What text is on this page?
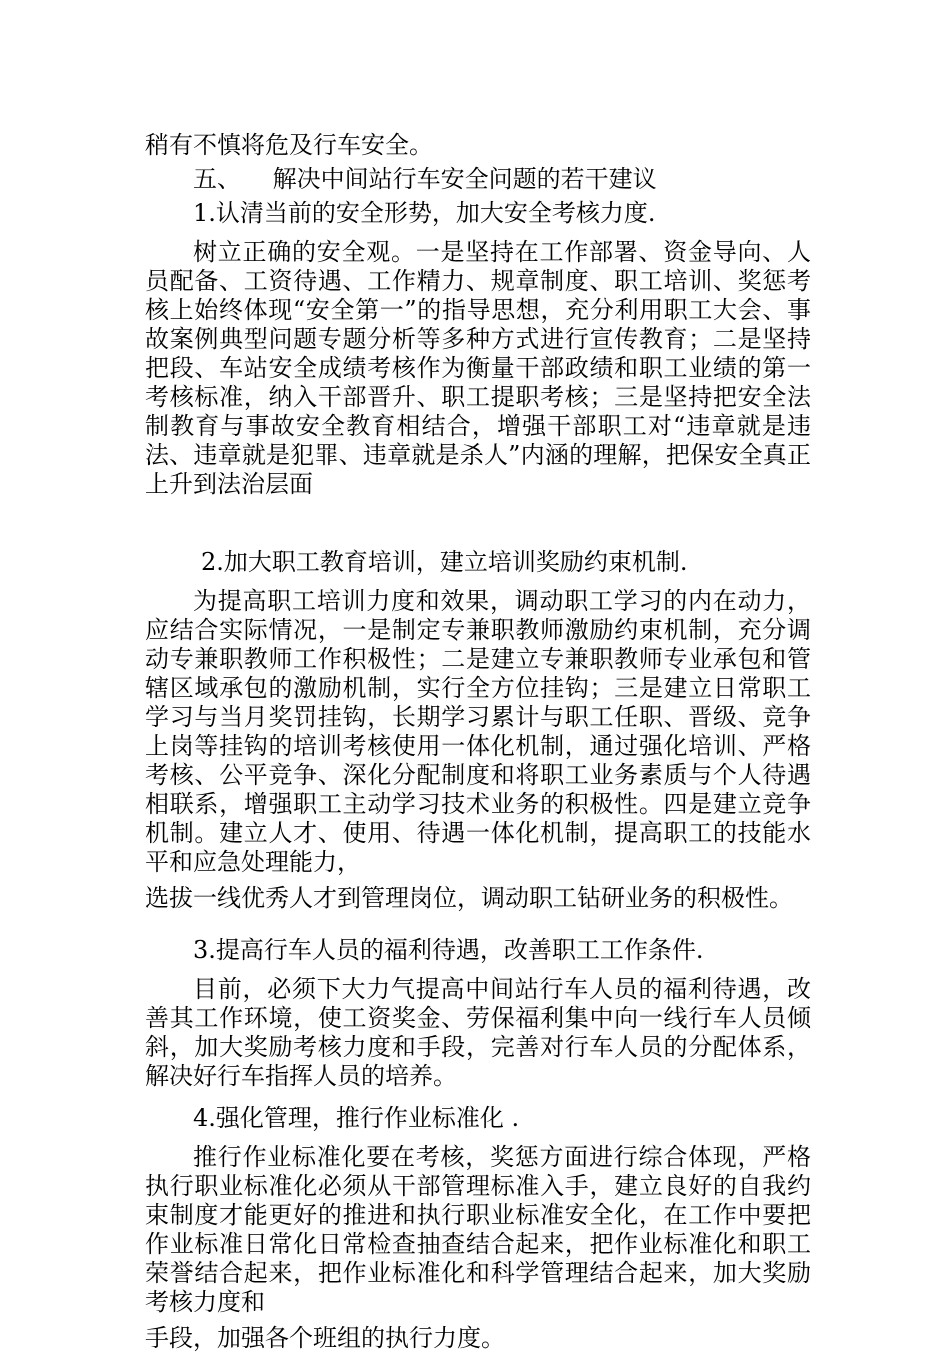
稍有不慎将危及行车安全。
五、  解决中间站行车安全问题的若干建议
1.认清当前的安全形势，加大安全考核力度.
树立正确的安全观。一是坚持在工作部署、资金导向、人员配备、工资待遇、工作精力、规章制度、职工培训、奖惩考核上始终体现“安全第一”的指导思想，充分利用职工大会、事故案例典型问题专题分析等多种方式进行宣传教育；二是坚持把段、车站安全成绩考核作为衡量干部政绩和职工业绩的第一考核标准，纳入干部晋升、职工提职考核；三是坚持把安全法制教育与事故安全教育相结合，增强干部职工对“违章就是违法、违章就是犯罪、违章就是杀人”内涵的理解，把保安全真正上升到法治层面
2.加大职工教育培训，建立培训奖励约束机制.
为提高职工培训力度和效果，调动职工学习的内在动力，应结合实际情况，一是制定专兼职教师激励约束机制，充分调动专兼职教师工作积极性；二是建立专兼职教师专业承包和管辖区域承包的激励机制，实行全方位挂钩；三是建立日常职工学习与当月奖罚挂钩，长期学习累计与职工任职、晋级、竞争上岗等挂钩的培训考核使用一体化机制，通过强化培训、严格考核、公平竞争、深化分配制度和将职工业务素质与个人待遇相联系，增强职工主动学习技术业务的积极性。四是建立竞争机制。建立人才、使用、待遇一体化机制，提高职工的技能水平和应急处理能力，
选拔一线优秀人才到管理岗位，调动职工钻研业务的积极性。
3.提高行车人员的福利待遇，改善职工工作条件.
目前，必须下大力气提高中间站行车人员的福利待遇，改善其工作环境，使工资奖金、劳保福利集中向一线行车人员倾斜，加大奖励考核力度和手段，完善对行车人员的分配体系，解决好行车指挥人员的培养。
4.强化管理，推行作业标准化 .
推行作业标准化要在考核，奖惩方面进行综合体现，严格执行职业标准化必须从干部管理标准入手，建立良好的自我约束制度才能更好的推进和执行职业标准安全化，在工作中要把作业标准日常化日常检查抽查结合起来，把作业标准化和职工荣誉结合起来，把作业标准化和科学管理结合起来，加大奖励考核力度和
手段，加强各个班组的执行力度。
